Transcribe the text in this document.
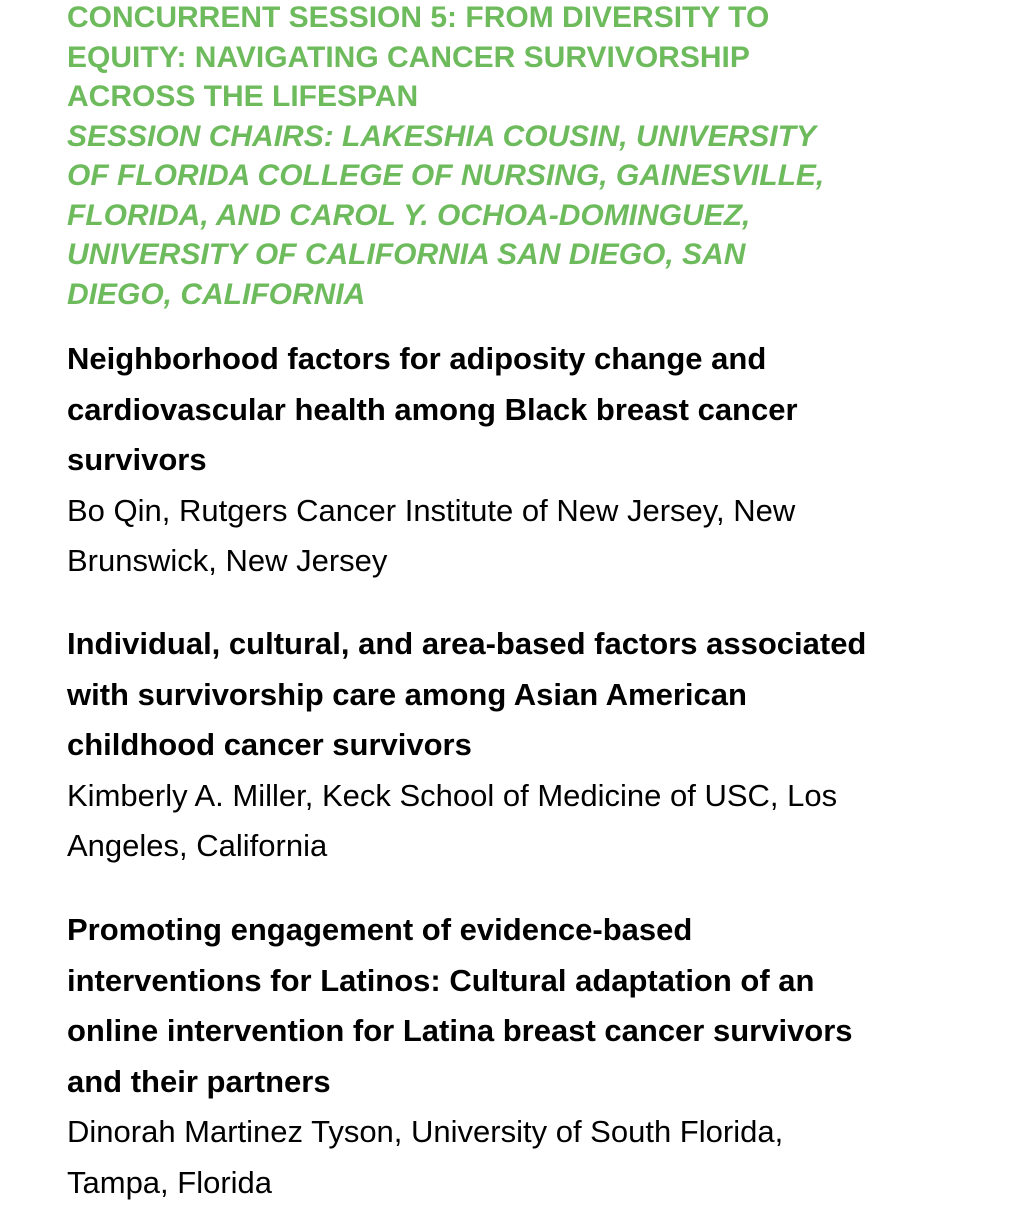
CONCURRENT SESSION 5: FROM DIVERSITY TO
EQUITY: NAVIGATING CANCER SURVIVORSHIP
ACROSS THE LIFESPAN
SESSION CHAIRS: LAKESHIA COUSIN, UNIVERSITY
OF FLORIDA COLLEGE OF NURSING, GAINESVILLE,
FLORIDA, AND CAROL Y. OCHOA-DOMINGUEZ,
UNIVERSITY OF CALIFORNIA SAN DIEGO, SAN
DIEGO, CALIFORNIA
Neighborhood factors for adiposity change and
cardiovascular health among Black breast cancer
survivors
Bo Qin, Rutgers Cancer Institute of New Jersey, New
Brunswick, New Jersey
Individual, cultural, and area-based factors associated
with survivorship care among Asian American
childhood cancer survivors
Kimberly A. Miller, Keck School of Medicine of USC, Los
Angeles, California
Promoting engagement of evidence-based
interventions for Latinos: Cultural adaptation of an
online intervention for Latina breast cancer survivors
and their partners
Dinorah Martinez Tyson, University of South Florida,
Tampa, Florida
